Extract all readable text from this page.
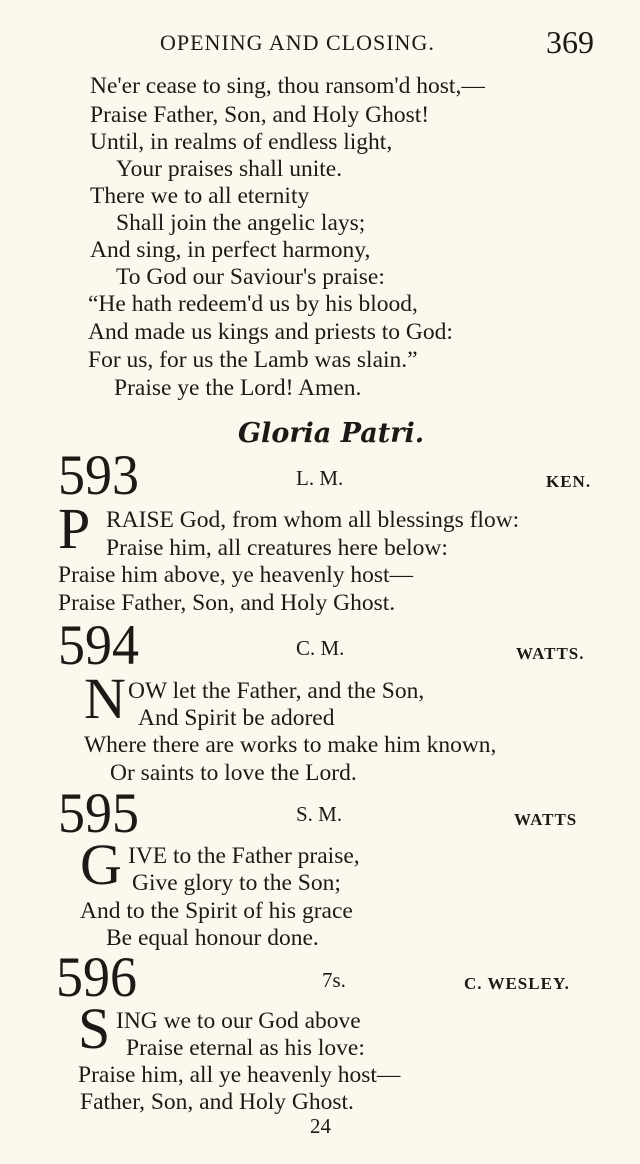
OPENING AND CLOSING.	369
Ne'er cease to sing, thou ransom'd host,—
Praise Father, Son, and Holy Ghost!
Until, in realms of endless light,
Your praises shall unite.
There we to all eternity
Shall join the angelic lays;
And sing, in perfect harmony,
To God our Saviour's praise:
“He hath redeem'd us by his blood,
And made us kings and priests to God:
For us, for us the Lamb was slain.”
Praise ye the Lord! Amen.
Gloria Patri.
593	L. M.	KEN.
P RAISE God, from whom all blessings flow:
Praise him, all creatures here below:
Praise him above, ye heavenly host—
Praise Father, Son, and Holy Ghost.
594	C. M.	WATTS.
N OW let the Father, and the Son,
And Spirit be adored
Where there are works to make him known,
Or saints to love the Lord.
595	S. M.	WATTS
G IVE to the Father praise,
Give glory to the Son;
And to the Spirit of his grace
Be equal honour done.
596	7s.	C. WESLEY.
S ING we to our God above
Praise eternal as his love:
Praise him, all ye heavenly host—
Father, Son, and Holy Ghost.
24
